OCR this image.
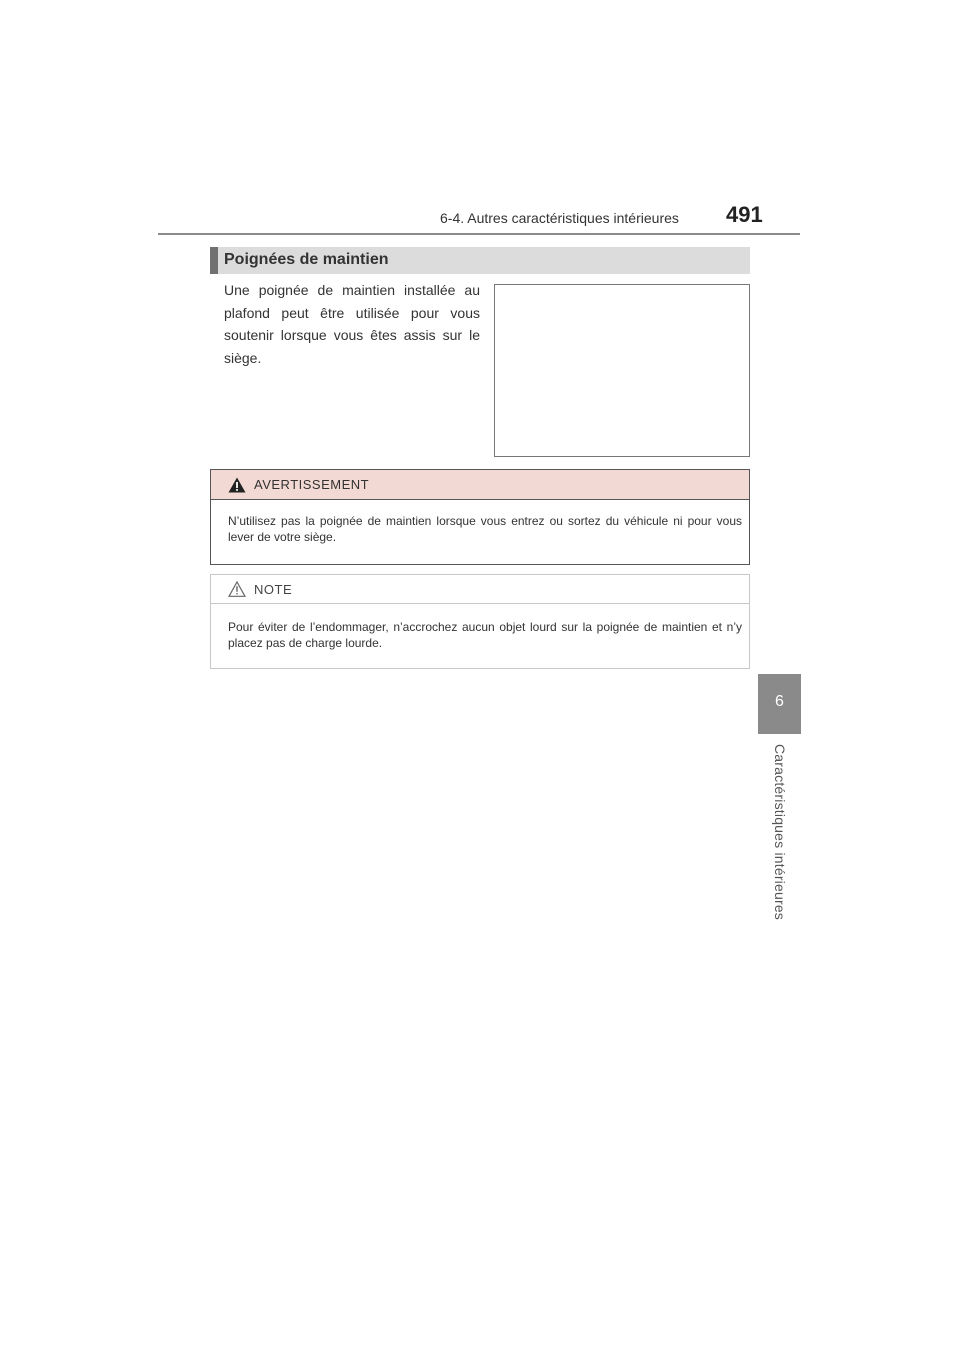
6-4. Autres caractéristiques intérieures 491
6
Caractéristiques intérieures
Poignées de maintien
Une poignée de maintien installée au plafond peut être utilisée pour vous soutenir lorsque vous êtes assis sur le siège.
AVERTISSEMENT
N’utilisez pas la poignée de maintien lorsque vous entrez ou sortez du véhicule ni pour vous lever de votre siège.
NOTE
Pour éviter de l’endommager, n’accrochez aucun objet lourd sur la poignée de maintien et n’y placez pas de charge lourde.
